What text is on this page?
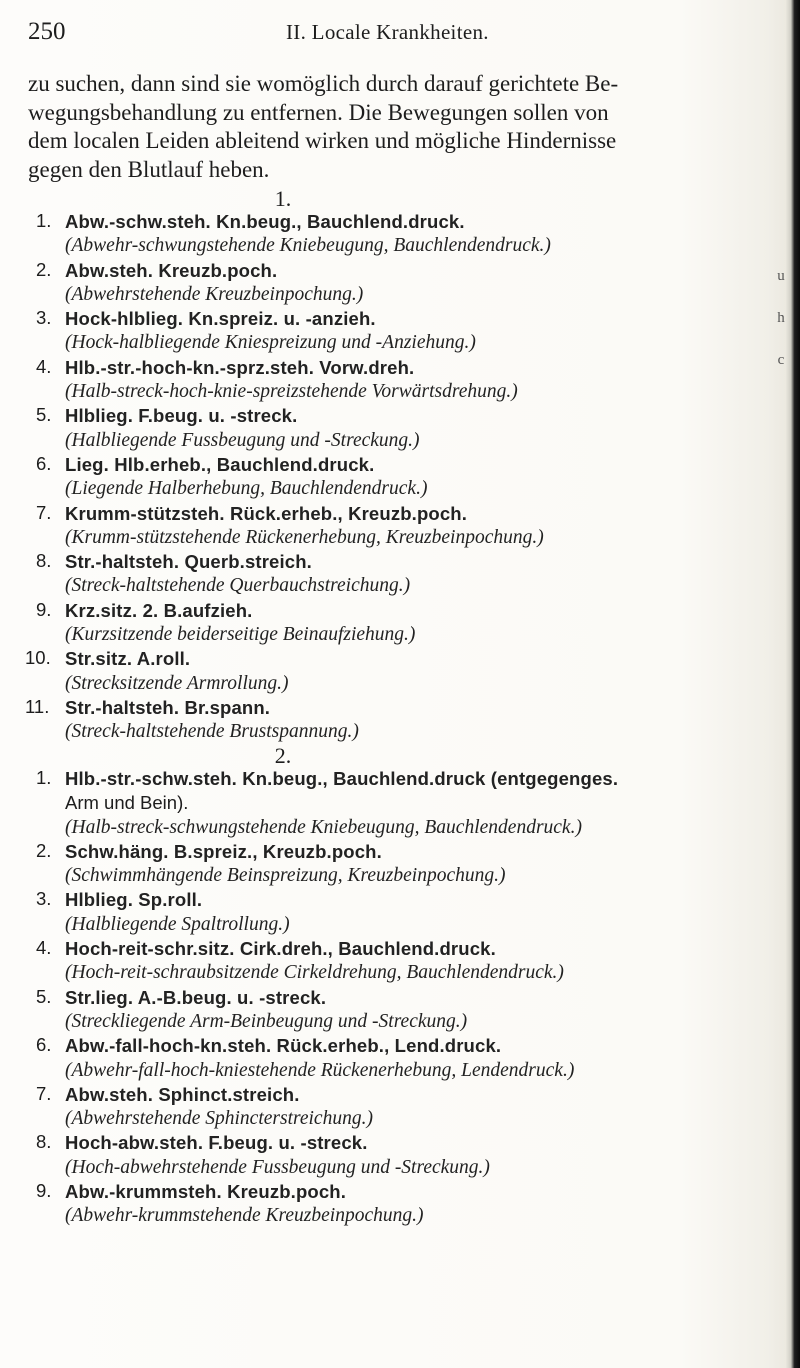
250	II. Locale Krankheiten.

zu suchen, dann sind sie womöglich durch darauf gerichtete Be-
wegungsbehandlung zu entfernen. Die Bewegungen sollen von
dem localen Leiden ableitend wirken und mögliche Hindernisse
gegen den Blutlauf heben.

1.
1. Abw.-schw.steh. Kn.beug., Bauchlend.druck.
(Abwehr-schwungstehende Kniebeugung, Bauchlendendruck.)
2. Abw.steh. Kreuzb.poch.
(Abwehrstehende Kreuzbeinpochung.)
3. Hock-hlblieg. Kn.spreiz. u. -anzieh.
(Hock-halbliegende Kniespreizung und -Anziehung.)
4. Hlb.-str.-hoch-kn.-sprz.steh. Vorw.dreh.
(Halb-streck-hoch-knie-spreizstehende Vorwärtsdrehung.)
5. Hlblieg. F.beug. u. -streck.
(Halbliegende Fussbeugung und -Streckung.)
6. Lieg. Hlb.erheb., Bauchlend.druck.
(Liegende Halberhebung, Bauchlendendruck.)
7. Krumm-stützsteh. Rück.erheb., Kreuzb.poch.
(Krumm-stützstehende Rückenerhebung, Kreuzbeinpochung.)
8. Str.-haltsteh. Querb.streich.
(Streck-haltstehende Querbauchstreichung.)
9. Krz.sitz. 2. B.aufzieh.
(Kurzsitzende beiderseitige Beinaufziehung.)
10. Str.sitz. A.roll.
(Strecksitzende Armrollung.)
11. Str.-haltsteh. Br.spann.
(Streck-haltstehende Brustspannung.)
2.
1. Hlb.-str.-schw.steh. Kn.beug., Bauchlend.druck (entgegenges.
Arm und Bein).
(Halb-streck-schwungstehende Kniebeugung, Bauchlendendruck.)
2. Schw.häng. B.spreiz., Kreuzb.poch.
(Schwimmhängende Beinspreizung, Kreuzbeinpochung.)
3. Hlblieg. Sp.roll.
(Halbliegende Spaltrollung.)
4. Hoch-reit-schr.sitz. Cirk.dreh., Bauchlend.druck.
(Hoch-reit-schraubsitzende Cirkeldrehung, Bauchlendendruck.)
5. Str.lieg. A.-B.beug. u. -streck.
(Streckliegende Arm-Beinbeugung und -Streckung.)
6. Abw.-fall-hoch-kn.steh. Rück.erheb., Lend.druck.
(Abwehr-fall-hoch-kniestehende Rückenerhebung, Lendendruck.)
7. Abw.steh. Sphinct.streich.
(Abwehrstehende Sphincterstreichung.)
8. Hoch-abw.steh. F.beug. u. -streck.
(Hoch-abwehrstehende Fussbeugung und -Streckung.)
9. Abw.-krummsteh. Kreuzb.poch.
(Abwehr-krummstehende Kreuzbeinpochung.)
u
h
c
